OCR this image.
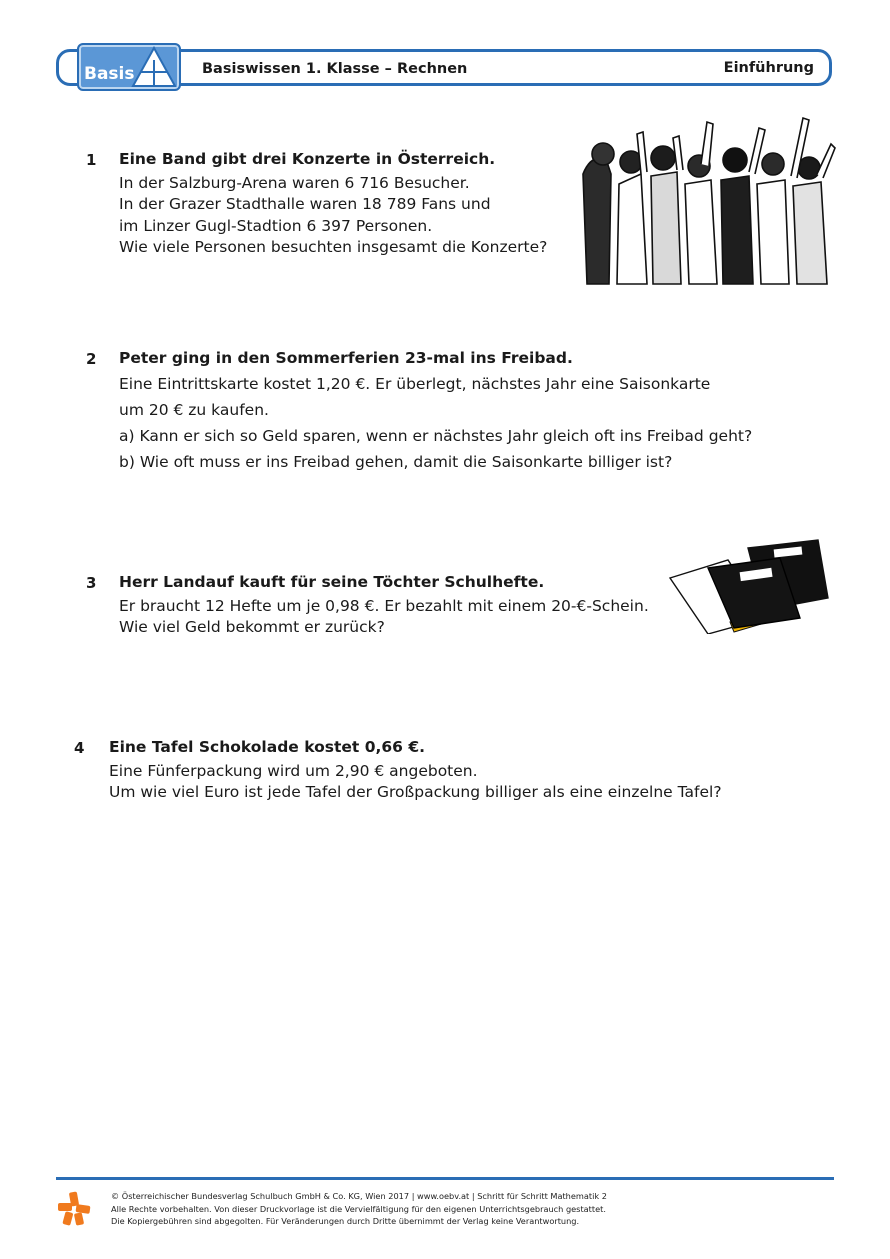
Basis	Basiswissen 1. Klasse – Rechnen	Einführung
1 Eine Band gibt drei Konzerte in Österreich.

In der Salzburg-Arena waren 6 716 Besucher.

In der Grazer Stadthalle waren 18 789 Fans und

im Linzer Gugl-Stadtion 6 397 Personen.

Wie viele Personen besuchten insgesamt die Konzerte?

2 Peter ging in den Sommerferien 23-mal ins Freibad.

Eine Eintrittskarte kostet 1,20 €. Er überlegt, nächstes Jahr eine Saisonkarte

um 20 € zu kaufen.

a) Kann er sich so Geld sparen, wenn er nächstes Jahr gleich oft ins Freibad geht?

b) Wie oft muss er ins Freibad gehen, damit die Saisonkarte billiger ist?

3 Herr Landauf kauft für seine Töchter Schulhefte.

Er braucht 12 Hefte um je 0,98 €. Er bezahlt mit einem 20-€-Schein.

Wie viel Geld bekommt er zurück?

4 Eine Tafel Schokolade kostet 0,66 €.

Eine Fünferpackung wird um 2,90 € angeboten.

Um wie viel Euro ist jede Tafel der Großpackung billiger als eine einzelne Tafel?

© Österreichischer Bundesverlag Schulbuch GmbH & Co. KG, Wien 2017 | www.oebv.at | Schritt für Schritt Mathematik 2

Alle Rechte vorbehalten. Von dieser Druckvorlage ist die Vervielfältigung für den eigenen Unterrichtsgebrauch gestattet.

Die Kopiergebühren sind abgegolten. Für Veränderungen durch Dritte übernimmt der Verlag keine Verantwortung.
